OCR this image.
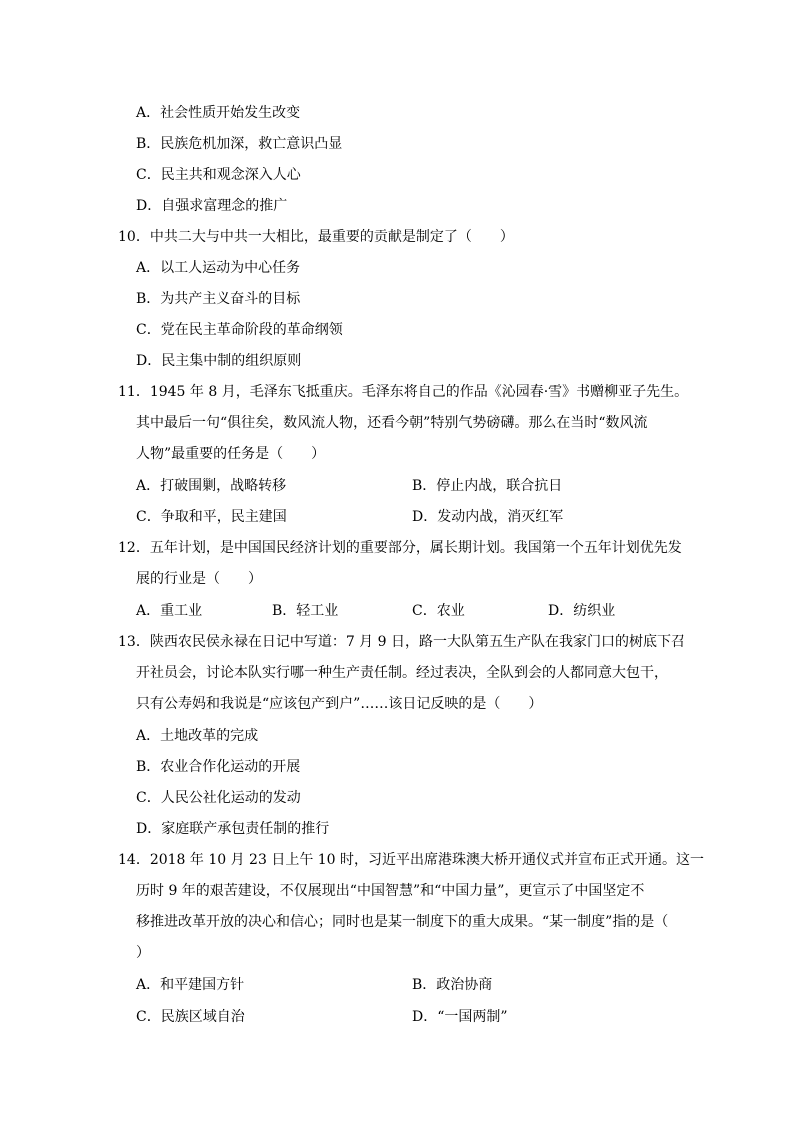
A．社会性质开始发生改变
B．民族危机加深，救亡意识凸显
C．民主共和观念深入人心
D．自强求富理念的推广
10．中共二大与中共一大相比，最重要的贡献是制定了（　　）
A．以工人运动为中心任务
B．为共产主义奋斗的目标
C．党在民主革命阶段的革命纲领
D．民主集中制的组织原则
11．1945 年 8 月，毛泽东飞抵重庆。毛泽东将自己的作品《沁园春·雪》书赠柳亚子先生。
其中最后一句“俱往矣，数风流人物，还看今朝”特别气势磅礴。那么在当时“数风流
人物”最重要的任务是（　　）
A．打破围剿，战略转移	B．停止内战，联合抗日
C．争取和平，民主建国	D．发动内战，消灭红军
12．五年计划，是中国国民经济计划的重要部分，属长期计划。我国第一个五年计划优先发
展的行业是（　　）
A．重工业	B．轻工业	C．农业	D．纺织业
13．陕西农民侯永禄在日记中写道：7 月 9 日，路一大队第五生产队在我家门口的树底下召
开社员会，讨论本队实行哪一种生产责任制。经过表决，全队到会的人都同意大包干，
只有公寿妈和我说是“应该包产到户”……该日记反映的是（　　）
A．土地改革的完成
B．农业合作化运动的开展
C．人民公社化运动的发动
D．家庭联产承包责任制的推行
14．2018 年 10 月 23 日上午 10 时，习近平出席港珠澳大桥开通仪式并宣布正式开通。这一
历时 9 年的艰苦建设，不仅展现出“中国智慧”和“中国力量”，更宣示了中国坚定不
移推进改革开放的决心和信心；同时也是某一制度下的重大成果。“某一制度”指的是（
）
A．和平建国方针	B．政治协商
C．民族区域自治	D．“一国两制”
